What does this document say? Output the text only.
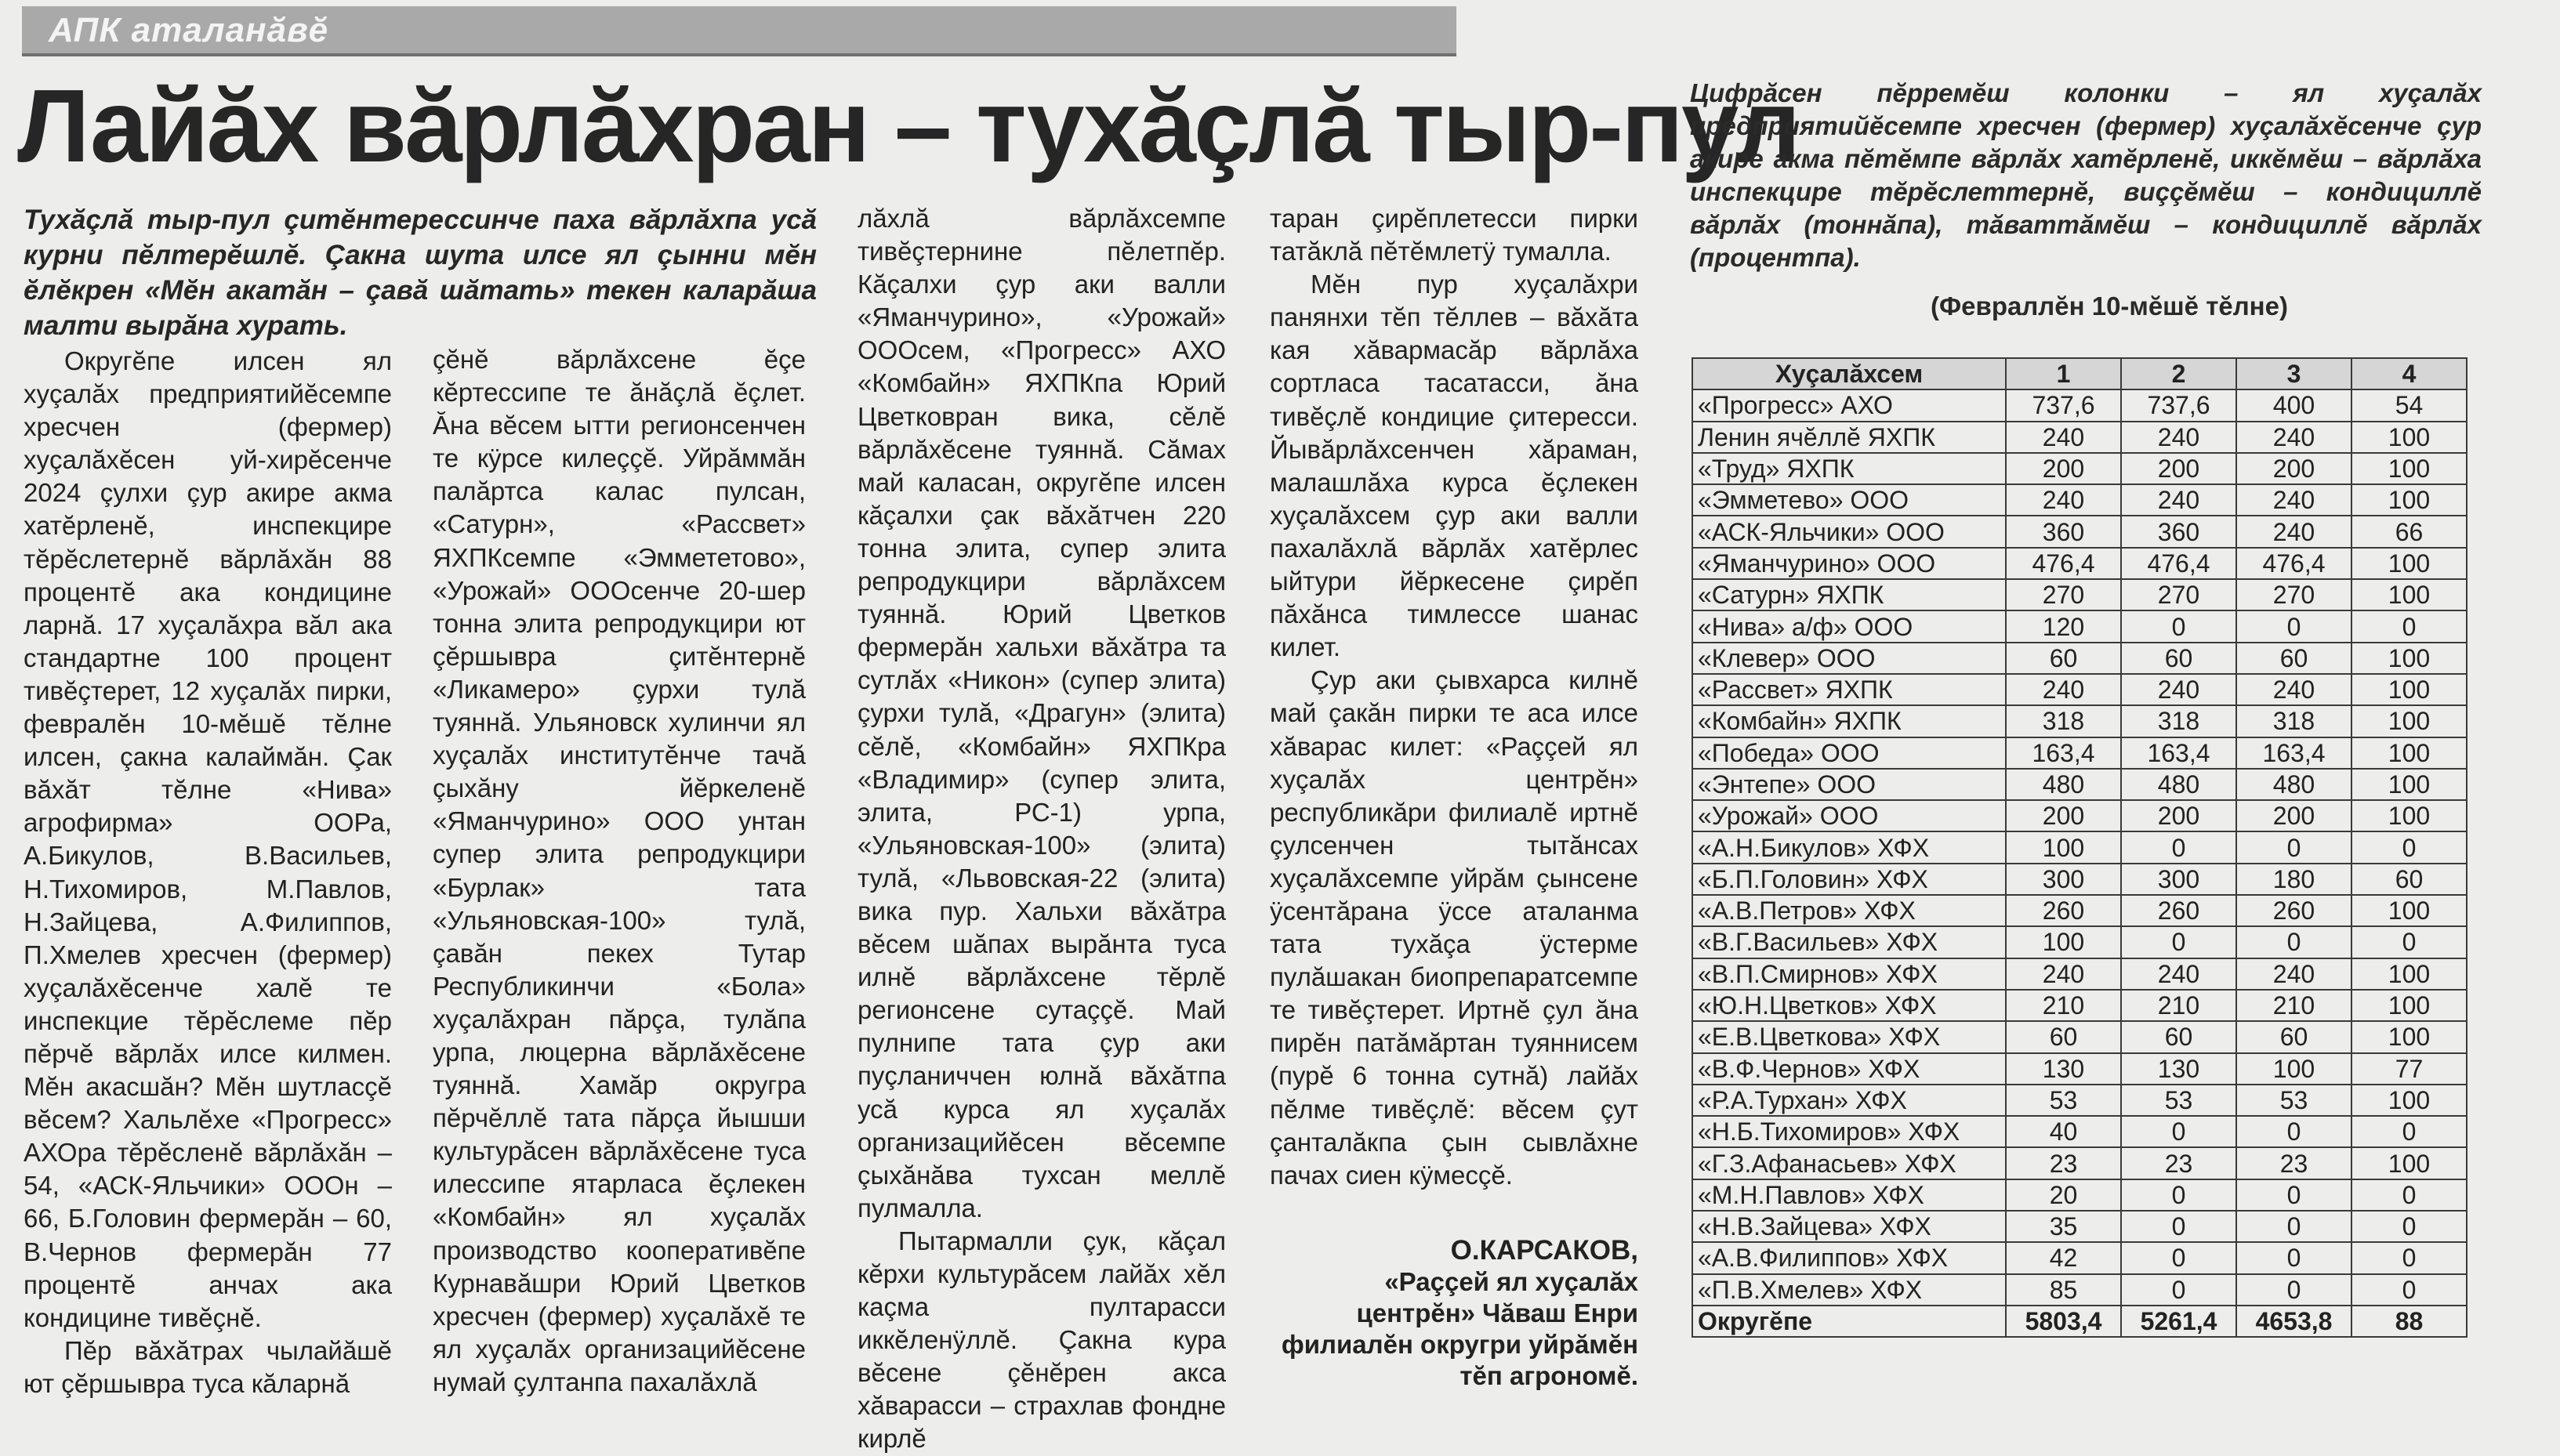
АПК аталанăвĕ
Лайăх вăрлăхран – тухăçлă тыр-пул
Тухăçлă тыр-пул çитĕнтерессинче паха вăрлăхпа усă курни пĕлтерĕшлĕ. Çакна шута илсе ял çынни мĕн ĕлĕкрен «Мĕн акатăн – çавă шăтать» текен каларăша малти вырăна хурать.

Округĕпе илсен ял хуçалăх предприятийĕсемпе хресчен (фермер) хуçалăхĕсен уй-хирĕсенче 2024 çулхи çур акире акма хатĕрленĕ, инспекцире тĕрĕслетернĕ вăрлăхăн 88 процентĕ ака кондицине ларнă. 17 хуçалăхра вăл ака стандартне 100 процент тивĕçтерет, 12 хуçалăх пирки, февралĕн 10-мĕшĕ тĕлне илсен, çакна калаймăн. Çак вăхăт тĕлне «Нива» агрофирма» ООРа, А.Бикулов, В.Васильев, Н.Тихомиров, М.Павлов, Н.Зайцева, А.Филиппов, П.Хмелев хресчен (фермер) хуçалăхĕсенче халĕ те инспекцие тĕрĕслеме пĕр пĕрчĕ вăрлăх илсе килмен. Мĕн акасшăн? Мĕн шутласçĕ вĕсем? Хальлĕхе «Прогресс» АХОра тĕрĕсленĕ вăрлăхăн – 54, «АСК-Яльчики» ОООн – 66, Б.Головин фермерăн – 60, В.Чернов фермерăн 77 процентĕ анчах ака кондицине тивĕçнĕ.

Пĕр вăхăтрах чылайăшĕ ют çĕршывра туса кăларнă

çĕнĕ вăрлăхсене ĕçе кĕртессипе те ăнăçлă ĕçлет. Ăна вĕсем ытти регионсенчен те кÿрсе килеççĕ. Уйрăммăн палăртса калас пулсан, «Сатурн», «Рассвет» ЯХПКсемпе «Эммететово», «Урожай» ОООсенче 20-шер тонна элита репродукцири ют çĕршывра çитĕнтернĕ «Ликамеро» çурхи тулă туяннă. Ульяновск хулинчи ял хуçалăх институтĕнче тачă çыхăну йĕркеленĕ «Яманчурино» ООО унтан супер элита репродукцири «Бурлак» тата «Ульяновская-100» тулă, çавăн пекех Тутар Республикинчи «Бола» хуçалăхран пăрçа, тулăпа урпа, люцерна вăрлăхĕсене туяннă. Хамăр округра пĕрчĕллĕ тата пăрçа йышши культурăсен вăрлăхĕсене туса илессипе ятарласа ĕçлекен «Комбайн» ял хуçалăх производство кооперативĕпе Курнавăшри Юрий Цветков хресчен (фермер) хуçалăхĕ те ял хуçалăх организацийĕсене нумай çултанпа пахалăхлă

лăхлă вăрлăхсемпе тивĕçтернине пĕлетпĕр. Кăçалхи çур аки валли «Яманчурино», «Урожай» ОООсем, «Прогресс» АХО «Комбайн» ЯХПКпа Юрий Цветковран вика, сĕлĕ вăрлăхĕсене туяннă. Сăмах май каласан, округĕпе илсен кăçалхи çак вăхăтчен 220 тонна элита, супер элита репродукцири вăрлăхсем туяннă. Юрий Цветков фермерăн хальхи вăхăтра та сутлăх «Никон» (супер элита) çурхи тулă, «Драгун» (элита) сĕлĕ, «Комбайн» ЯХПКра «Владимир» (супер элита, элита, РС-1) урпа, «Ульяновская-100» (элита) тулă, «Львовская-22 (элита) вика пур. Хальхи вăхăтра вĕсем шăпах вырăнта туса илнĕ вăрлăхсене тĕрлĕ регионсене сутаççĕ. Май пулнипе тата çур аки пуçланиччен юлнă вăхăтпа усă курса ял хуçалăх организацийĕсен вĕсемпе çыхăнăва тухсан меллĕ пулмалла.

Пытармалли çук, кăçал кĕрхи культурăсем лайăх хĕл каçма пултарасси иккĕленÿллĕ. Çакна кура вĕсене çĕнĕрен акса хăварасси – страхлав фондне кирлĕ

таран çирĕплетесси пирки татăклă пĕтĕмлетÿ тумалла.

Мĕн пур хуçалăхри панянхи тĕп тĕллев – вăхăта кая хăвармасăр вăрлăха сортласа тасатасси, ăна тивĕçлĕ кондицие çитересси. Йывăрлăхсенчен хăраман, малашлăха курса ĕçлекен хуçалăхсем çур аки валли пахалăхлă вăрлăх хатĕрлес ыйтури йĕркесене çирĕп пăхăнса тимлессе шанас килет.

Çур аки çывхарса килнĕ май çакăн пирки те аса илсе хăварас килет: «Раççей ял хуçалăх центрĕн» республикăри филиалĕ иртнĕ çулсенчен тытăнсах хуçалăхсемпе уйрăм çынсене ÿсентăрана ÿссе аталанма тата тухăça ÿстерме пулăшакан биопрепаратсемпе те тивĕçтерет. Иртнĕ çул ăна пирĕн патăмăртан туяннисем (пурĕ 6 тонна сутнă) лайăх пĕлме тивĕçлĕ: вĕсем çут çанталăкпа çын сывлăхне пачах сиен кÿмесçĕ.

О.КАРСАКОВ,
«Раççей ял хуçалăх центрĕн» Чăваш Енри филиалĕн округри уйрăмĕн тĕп агрономĕ.
Цифрăсен пĕрремĕш колонки – ял хуçалăх предприятийĕсемпе хресчен (фермер) хуçалăхĕсенче çур акире акма пĕтĕмпе вăрлăх хатĕрленĕ, иккĕмĕш – вăрлăха инспекцире тĕрĕслеттернĕ, виççĕмĕш – кондициллĕ вăрлăх (тоннăпа), тăваттăмĕш – кондициллĕ вăрлăх (процентпа).
(Февраллĕн 10-мĕшĕ тĕлне)
Хуçалăхсем	1	2	3	4
«Прогресс» АХО	737,6	737,6	400	54
Ленин ячĕллĕ ЯХПК	240	240	240	100
«Труд» ЯХПК	200	200	200	100
«Эмметево» ООО	240	240	240	100
«АСК-Яльчики» ООО	360	360	240	66
«Яманчурино» ООО	476,4	476,4	476,4	100
«Сатурн» ЯХПК	270	270	270	100
«Нива» а/ф» ООО	120	0	0	0
«Клевер» ООО	60	60	60	100
«Рассвет» ЯХПК	240	240	240	100
«Комбайн» ЯХПК	318	318	318	100
«Победа» ООО	163,4	163,4	163,4	100
«Энтепе» ООО	480	480	480	100
«Урожай» ООО	200	200	200	100
«А.Н.Бикулов» ХФХ	100	0	0	0
«Б.П.Головин» ХФХ	300	300	180	60
«А.В.Петров» ХФХ	260	260	260	100
«В.Г.Васильев» ХФХ	100	0	0	0
«В.П.Смирнов» ХФХ	240	240	240	100
«Ю.Н.Цветков» ХФХ	210	210	210	100
«Е.В.Цветкова» ХФХ	60	60	60	100
«В.Ф.Чернов» ХФХ	130	130	100	77
«Р.А.Турхан» ХФХ	53	53	53	100
«Н.Б.Тихомиров» ХФХ	40	0	0	0
«Г.З.Афанасьев» ХФХ	23	23	23	100
«М.Н.Павлов» ХФХ	20	0	0	0
«Н.В.Зайцева» ХФХ	35	0	0	0
«А.В.Филиппов» ХФХ	42	0	0	0
«П.В.Хмелев» ХФХ	85	0	0	0
Округĕпе	5803,4	5261,4	4653,8	88
